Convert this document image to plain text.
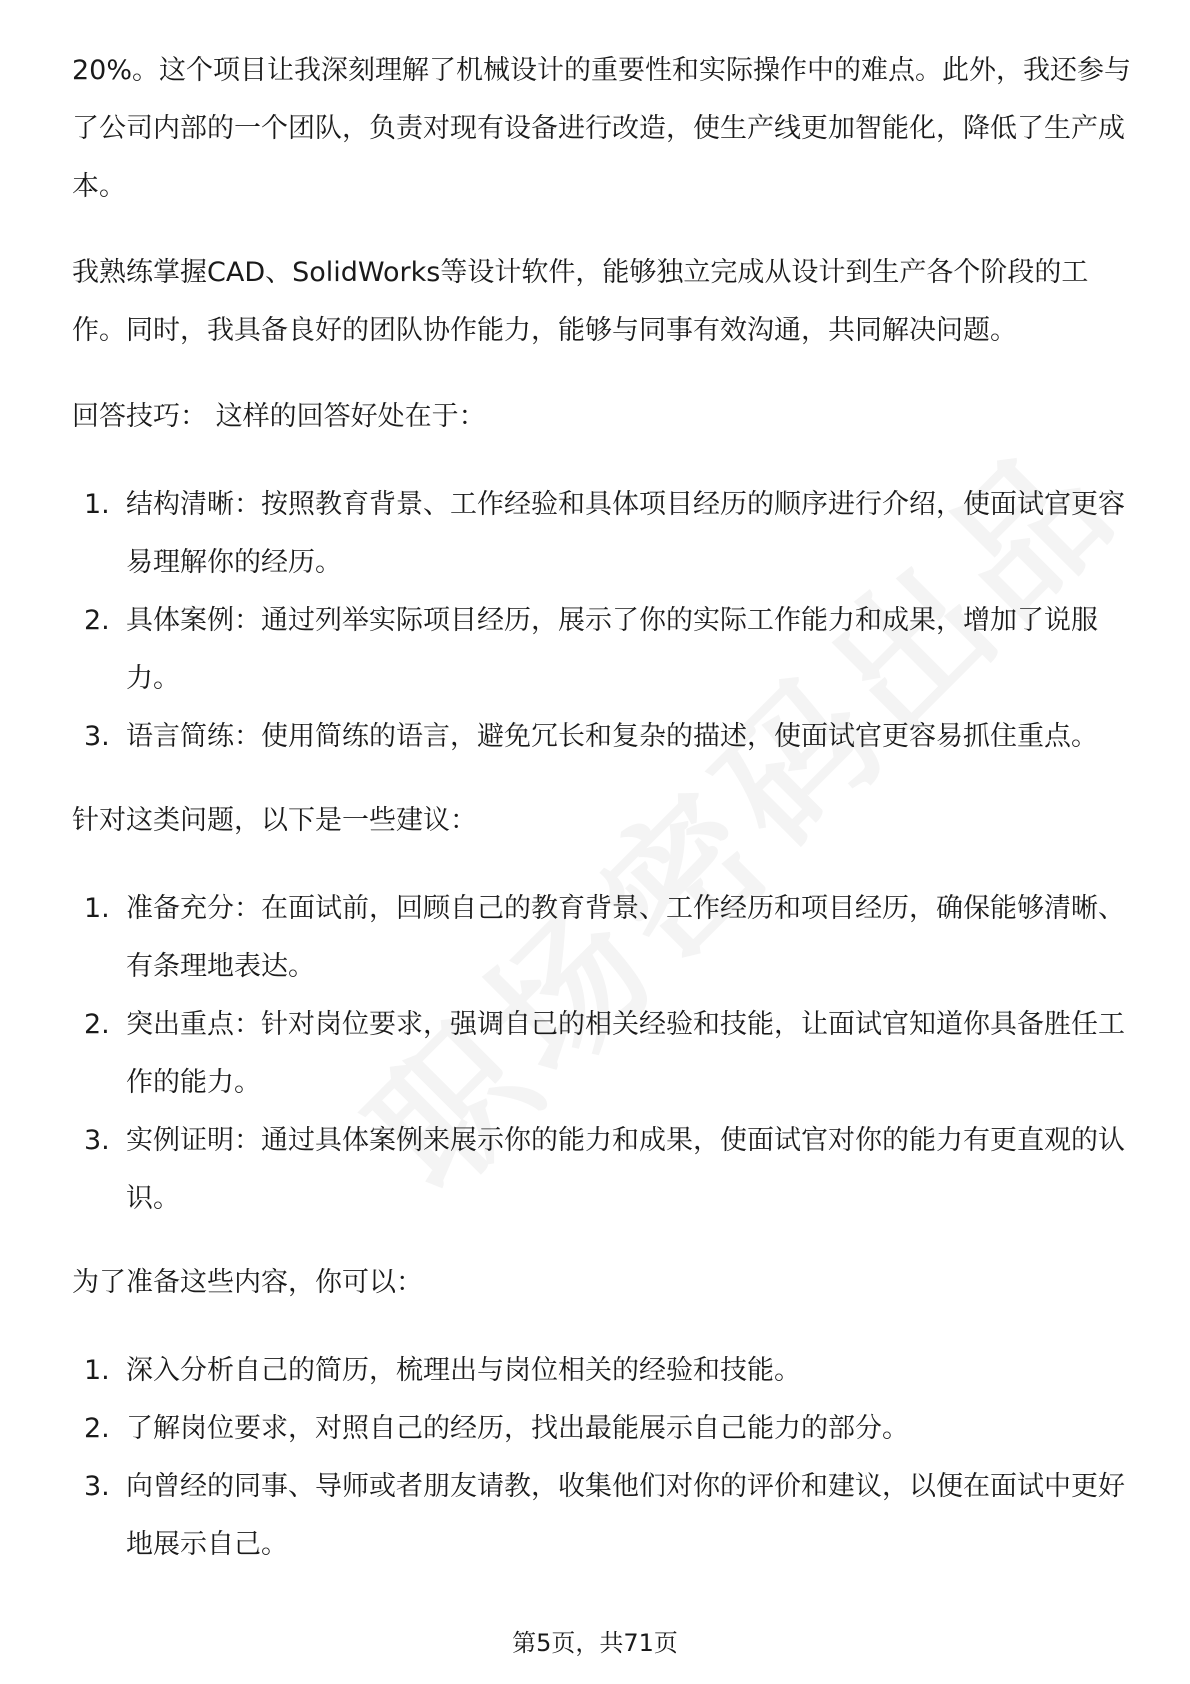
20%。这个项目让我深刻理解了机械设计的重要性和实际操作中的难点。此外，我还参与了公司内部的一个团队，负责对现有设备进行改造，使生产线更加智能化，降低了生产成本。

我熟练掌握CAD、SolidWorks等设计软件，能够独立完成从设计到生产各个阶段的工作。同时，我具备良好的团队协作能力，能够与同事有效沟通，共同解决问题。

回答技巧： 这样的回答好处在于：

1. 结构清晰：按照教育背景、工作经验和具体项目经历的顺序进行介绍，使面试官更容易理解你的经历。
2. 具体案例：通过列举实际项目经历，展示了你的实际工作能力和成果，增加了说服力。
3. 语言简练：使用简练的语言，避免冗长和复杂的描述，使面试官更容易抓住重点。

针对这类问题，以下是一些建议：

1. 准备充分：在面试前，回顾自己的教育背景、工作经历和项目经历，确保能够清晰、有条理地表达。
2. 突出重点：针对岗位要求，强调自己的相关经验和技能，让面试官知道你具备胜任工作的能力。
3. 实例证明：通过具体案例来展示你的能力和成果，使面试官对你的能力有更直观的认识。

为了准备这些内容，你可以：

1. 深入分析自己的简历，梳理出与岗位相关的经验和技能。
2. 了解岗位要求，对照自己的经历，找出最能展示自己能力的部分。
3. 向曾经的同事、导师或者朋友请教，收集他们对你的评价和建议，以便在面试中更好地展示自己。
第5页，共71页
